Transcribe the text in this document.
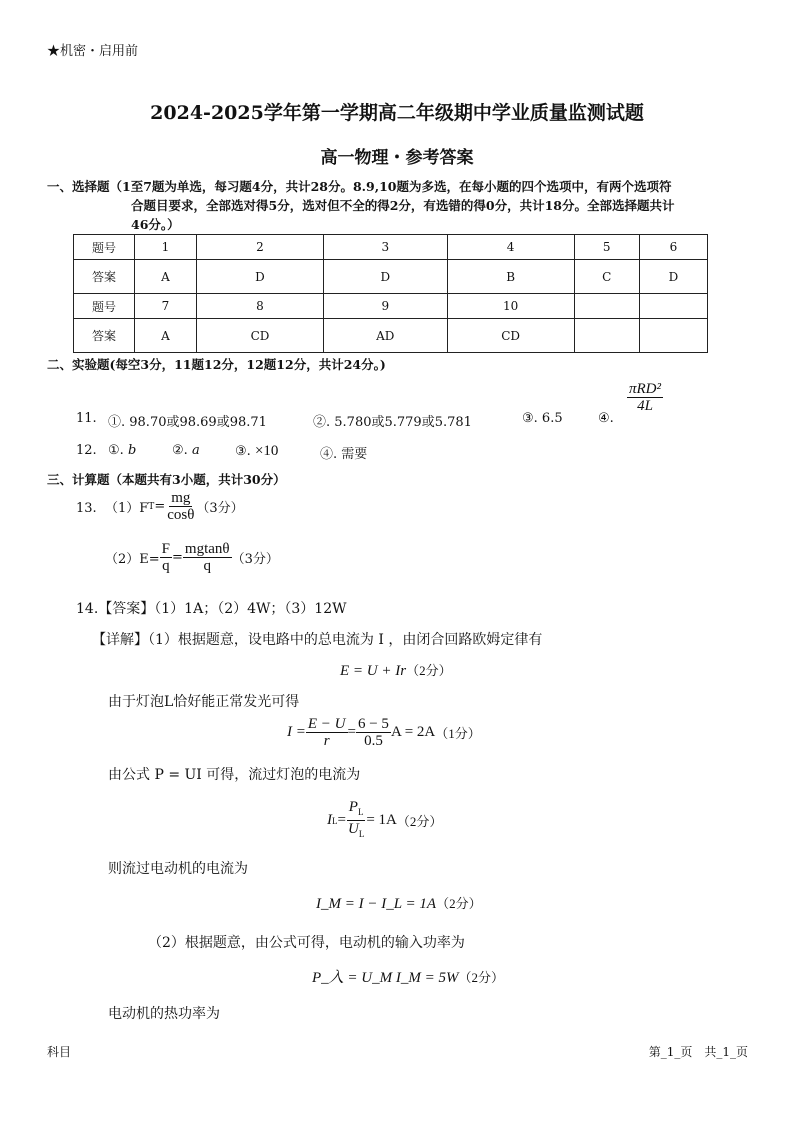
★机密・启用前
2024-2025学年第一学期高二年级期中学业质量监测试题
高一物理・参考答案
一、选择题（1至7题为单选，每习题4分，共计28分。8.9,10题为多选，在每小题的四个选项中，有两个选项符
合题目要求，全部选对得5分，选对但不全的得2分，有选错的得0分，共计18分。全部选择题共计
46分。）
题号	1	2	3	4	5	6
答案	A	D	D	B	C	D
题号	7	8	9	10		
答案	A	CD	AD	CD		
二、实验题(每空3分，11题12分，12题12分，共计24分。)
11. ①. 98.70或98.69或98.71	②. 5.780或5.779或5.781	③. 6.5	④.
$\frac{\text{πRD²}}{4L}$
12. ①. b	②. a	③. ×10	④. 需要
三、计算题（本题共有3小题，共计30分）
13. （1）F $T = \frac{mg}{\cos\theta} (3$分）
$(2)E= \frac{F}{q} = \frac{mgtan\theta}{q} (3$分）
14.【答案】（1）1A；（2）4W；（3）12W
【详解】（1）根据题意，设电路中的总电流为 I ，由闭合回路欧姆定律有
E = U + Ir（2分）
由于灯泡L恰好能正常发光可得
$I = \frac{E - U}{r} = \frac{6 - 5}{0.5}$ A = 2A （1分）
由公式 P = UI 可得，流过灯泡的电流为
I $L = \frac{P_L}{U_L} = 1A$ （2分）
则流过电动机的电流为
I_M = I − I_L = 1A（2分）
（2）根据题意，由公式可得，电动机的输入功率为
P_入 = U_M I_M = 5W（2分）
电动机的热功率为
科目	第_1_页　共_1_页
